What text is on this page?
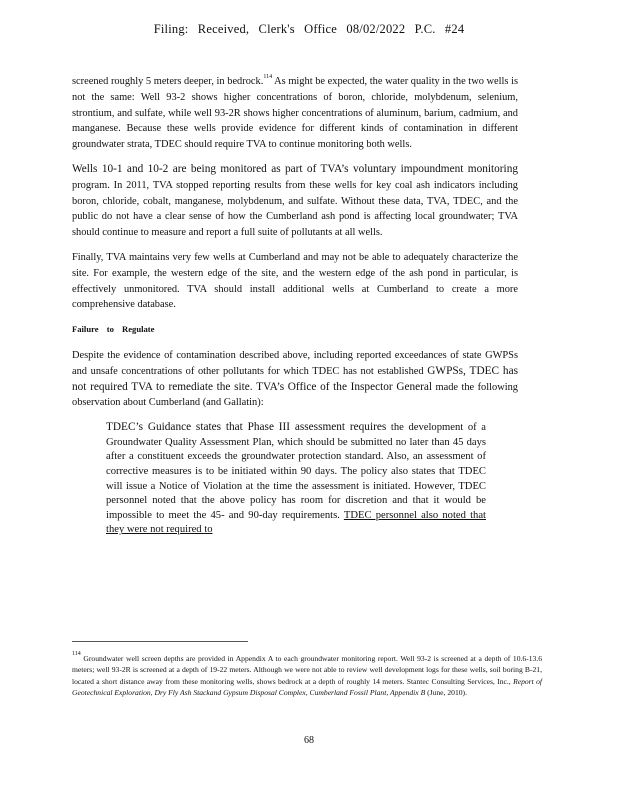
Filing: Received, Clerk's Office 08/02/2022 P.C. #24

screened roughly 5 meters deeper, in bedrock.$^{114}$ As might be expected, the water quality in the two wells is not the same: Well 93-2 shows higher concentrations of boron, chloride, molybdenum, selenium, strontium, and sulfate, while well 93-2R shows higher concentrations of aluminum, barium, cadmium, and manganese. Because these wells provide evidence for different kinds of contamination in different groundwater strata, TDEC should require TVA to continue monitoring both wells.

Wells 10-1 and 10-2 are being monitored as part of TVA’s voluntary impoundment monitoring program. In 2011, TVA stopped reporting results from these wells for key coal ash indicators including boron, chloride, cobalt, manganese, molybdenum, and sulfate. Without these data, TVA, TDEC, and the public do not have a clear sense of how the Cumberland ash pond is affecting local groundwater; TVA should continue to measure and report a full suite of pollutants at all wells.

Finally, TVA maintains very few wells at Cumberland and may not be able to adequately characterize the site. For example, the western edge of the site, and the western edge of the ash pond in particular, is effectively unmonitored. TVA should install additional wells at Cumberland to create a more comprehensive database.

Failure to Regulate

Despite the evidence of contamination described above, including reported exceedances of state GWPSs and unsafe concentrations of other pollutants for which TDEC has not established GWPSs, TDEC has not required TVA to remediate the site. TVA’s Office of the Inspector General made the following observation about Cumberland (and Gallatin):

TDEC’s Guidance states that Phase III assessment requires the development of a Groundwater Quality Assessment Plan, which should be submitted no later than 45 days after a constituent exceeds the groundwater protection standard. Also, an assessment of corrective measures is to be initiated within 90 days. The policy also states that TDEC will issue a Notice of Violation at the time the assessment is initiated. However, TDEC personnel noted that the above policy has room for discretion and that it would be impossible to meet the 45- and 90-day requirements. TDEC personnel also noted that they were not required to
$^{114}$ Groundwater well screen depths are provided in Appendix A to each groundwater monitoring report. Well 93-2 is screened at a depth of 10.6-13.6 meters; well 93-2R is screened at a depth of 19-22 meters. Although we were not able to review well development logs for these wells, soil boring B-21, located a short distance away from these monitoring wells, shows bedrock at a depth of roughly 14 meters. Stantec Consulting Services, Inc., Report of Geotechnical Exploration, Dry Fly Ash Stackand Gypsum Disposal Complex, Cumberland Fossil Plant, Appendix B (June, 2010).
68
